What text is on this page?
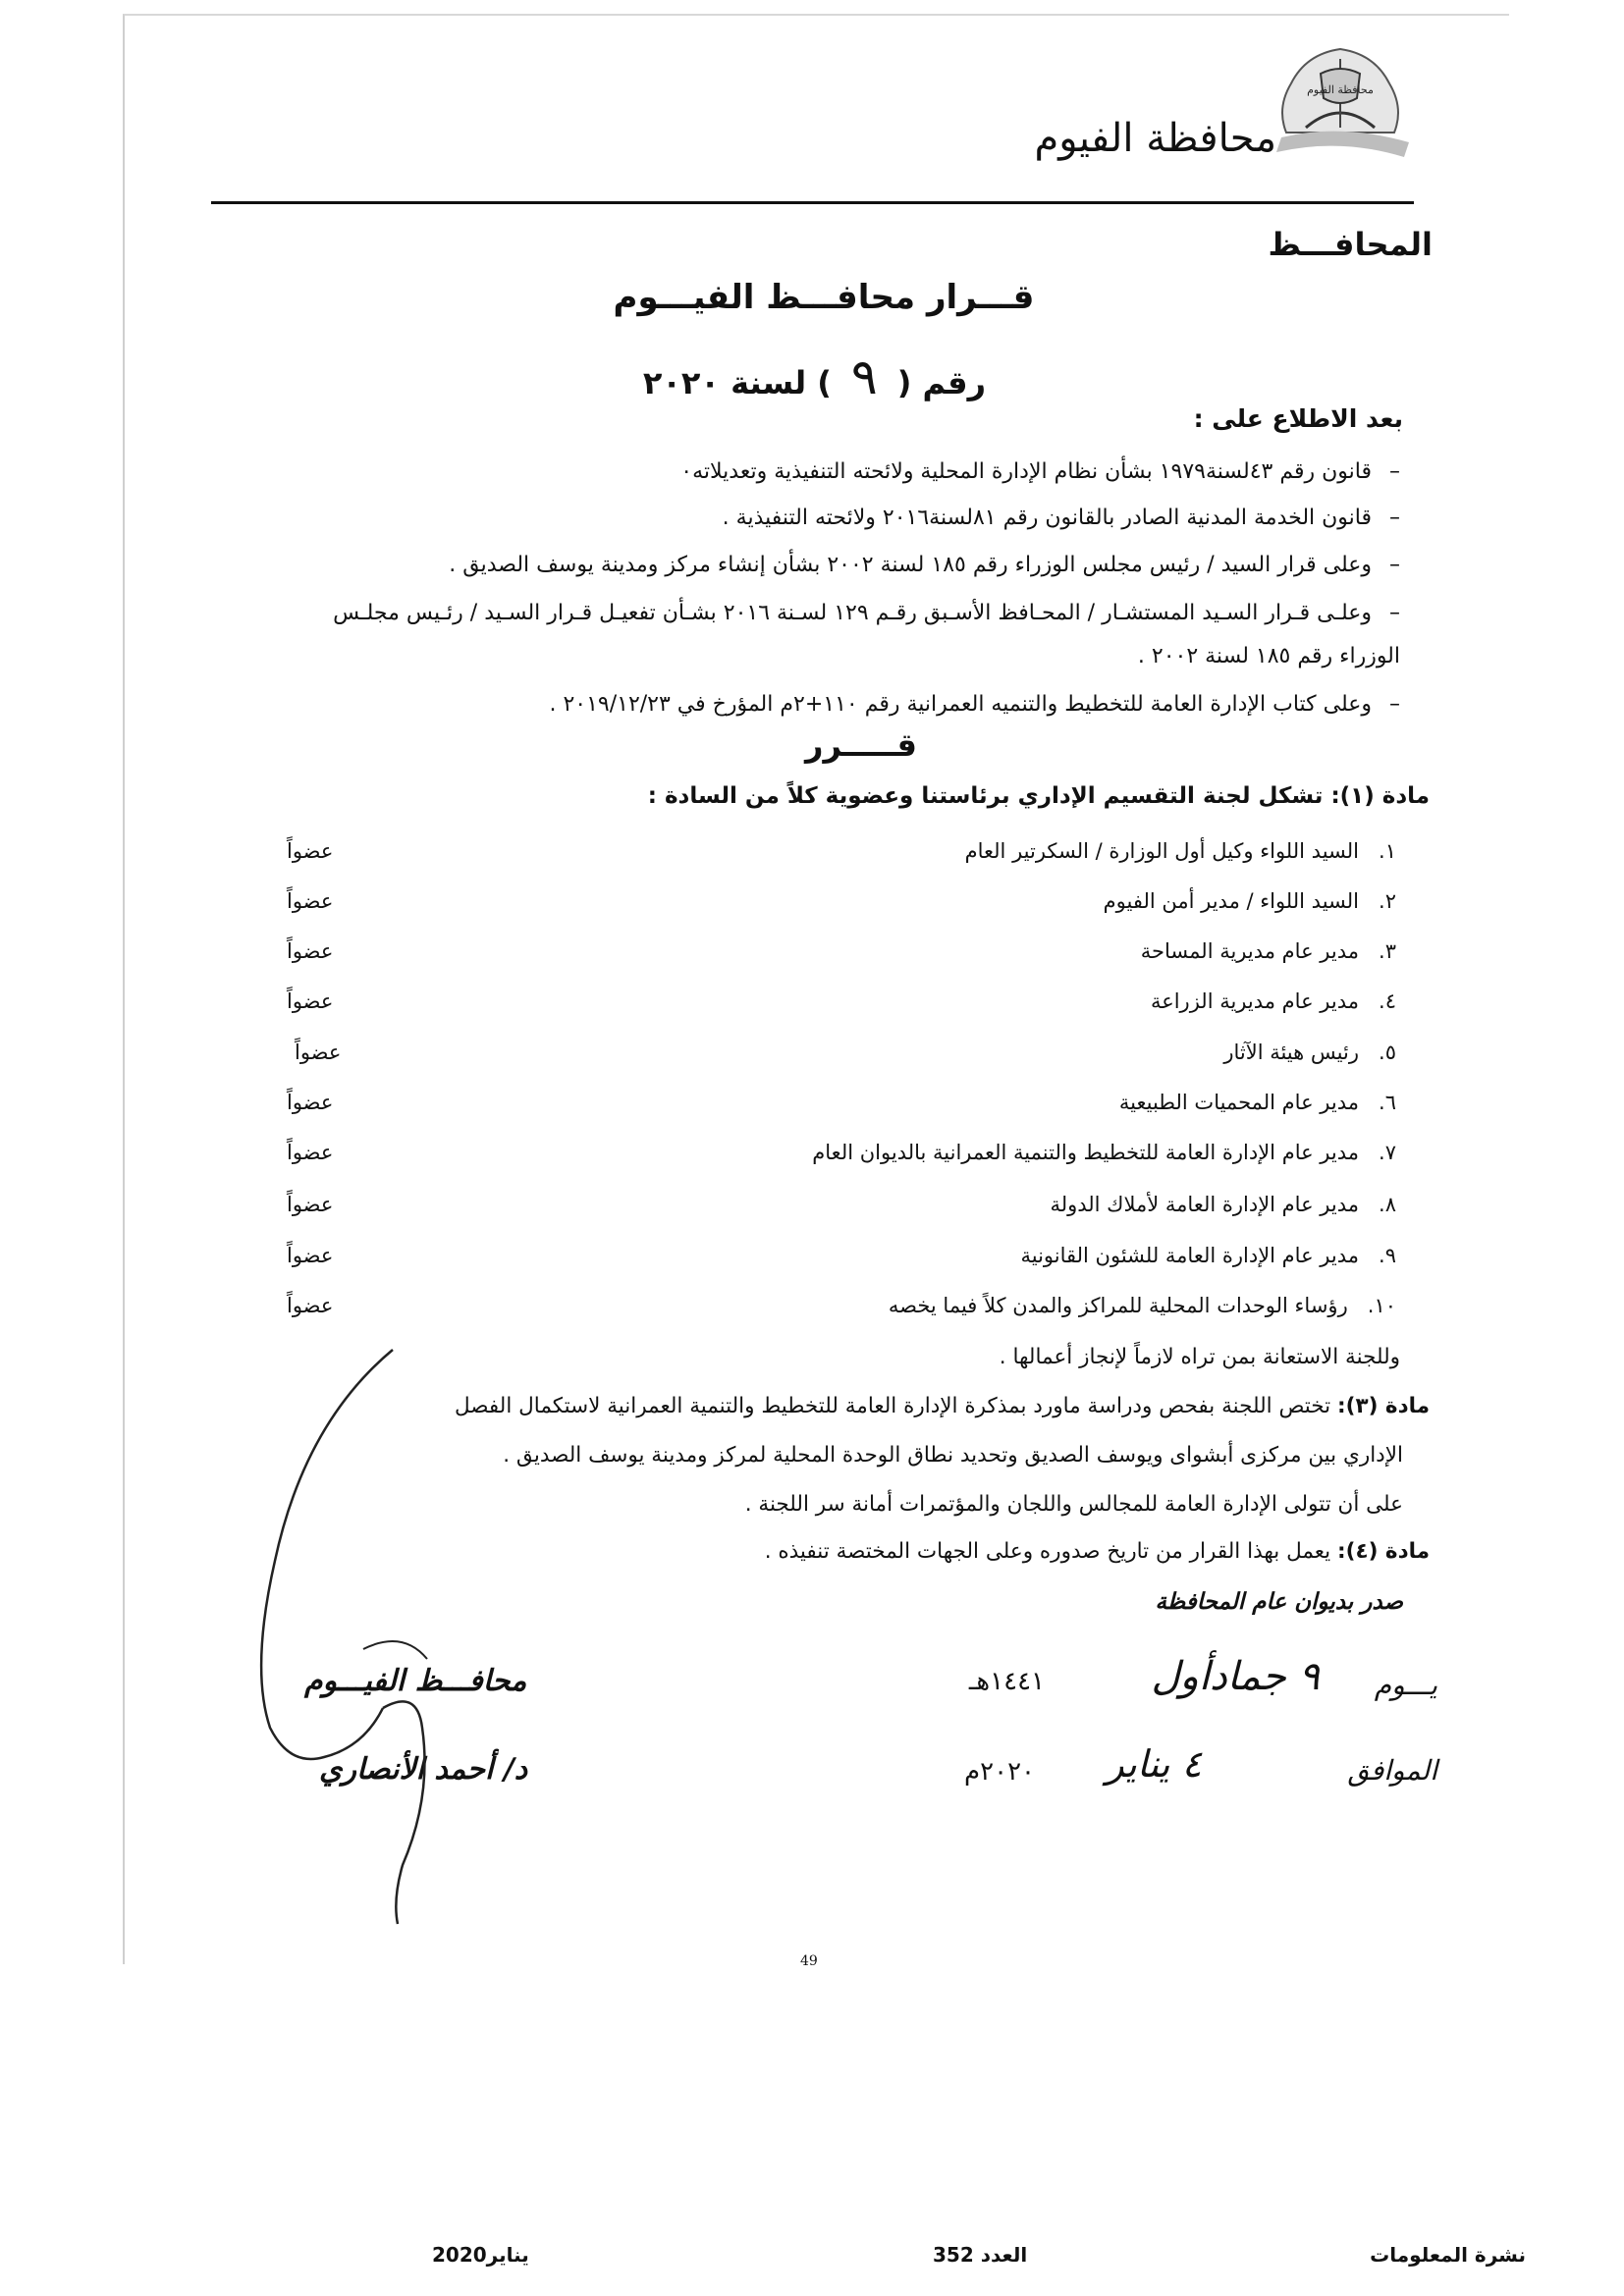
محافظة الفيوم
محافظة الفيوم
المحافـــظ
قـــرار محافـــظ الفيـــوم
رقم (٩) لسنة ٢٠٢٠
بعد الاطلاع على :
–قانون رقم ٤٣لسنة١٩٧٩ بشأن نظام الإدارة المحلية ولائحته التنفيذية وتعديلاته٠
–قانون الخدمة المدنية الصادر بالقانون رقم ٨١لسنة٢٠١٦ ولائحته التنفيذية .
–وعلى قرار السيد / رئيس مجلس الوزراء رقم ١٨٥ لسنة ٢٠٠٢ بشأن إنشاء مركز ومدينة يوسف الصديق .
–وعلـى قـرار السـيد المستشـار / المحـافظ الأسـبق رقـم ١٢٩ لسـنة ٢٠١٦ بشـأن تفعيـل قـرار السـيد / رئـيس مجلـس
الوزراء رقم ١٨٥ لسنة ٢٠٠٢ .
–وعلى كتاب الإدارة العامة للتخطيط والتنميه العمرانية رقم ١١٠+٢م المؤرخ في ٢٠١٩/١٢/٢٣ .
قـــــرر
مادة (١): تشكل لجنة التقسيم الإداري برئاستنا وعضوية كلاً من السادة :
١.   السيد اللواء وكيل أول الوزارة / السكرتير العام
عضواً
٢.   السيد اللواء / مدير أمن الفيوم
عضواً
٣.   مدير عام مديرية المساحة
عضواً
٤.   مدير عام مديرية الزراعة
عضواً
٥.   رئيس هيئة الآثار
عضواً
٦.   مدير عام المحميات الطبيعية
عضواً
٧.   مدير عام الإدارة العامة للتخطيط والتنمية العمرانية بالديوان العام
عضواً
٨.   مدير عام الإدارة العامة لأملاك الدولة
عضواً
٩.   مدير عام الإدارة العامة للشئون القانونية
عضواً
١٠.   رؤساء الوحدات المحلية للمراكز والمدن كلاً فيما يخصه
عضواً
وللجنة الاستعانة بمن تراه لازماً لإنجاز أعمالها .
مادة (٣): تختص اللجنة بفحص ودراسة ماورد بمذكرة الإدارة العامة للتخطيط والتنمية العمرانية لاستكمال الفصل
الإداري بين مركزى أبشواى ويوسف الصديق وتحديد نطاق الوحدة المحلية لمركز ومدينة يوسف الصديق .
على أن تتولى الإدارة العامة للمجالس واللجان والمؤتمرات أمانة سر اللجنة .
مادة (٤): يعمل بهذا القرار من تاريخ صدوره وعلى الجهات المختصة تنفيذه .
صدر بديوان عام المحافظة
يـــوم
٩ جمادأول
١٤٤١هـ
الموافق
٤ يناير
٢٠٢٠م
محافـــظ الفيـــوم
د/ أحمد الأنصاري
49
نشرة المعلومات
العدد 352
يناير2020
